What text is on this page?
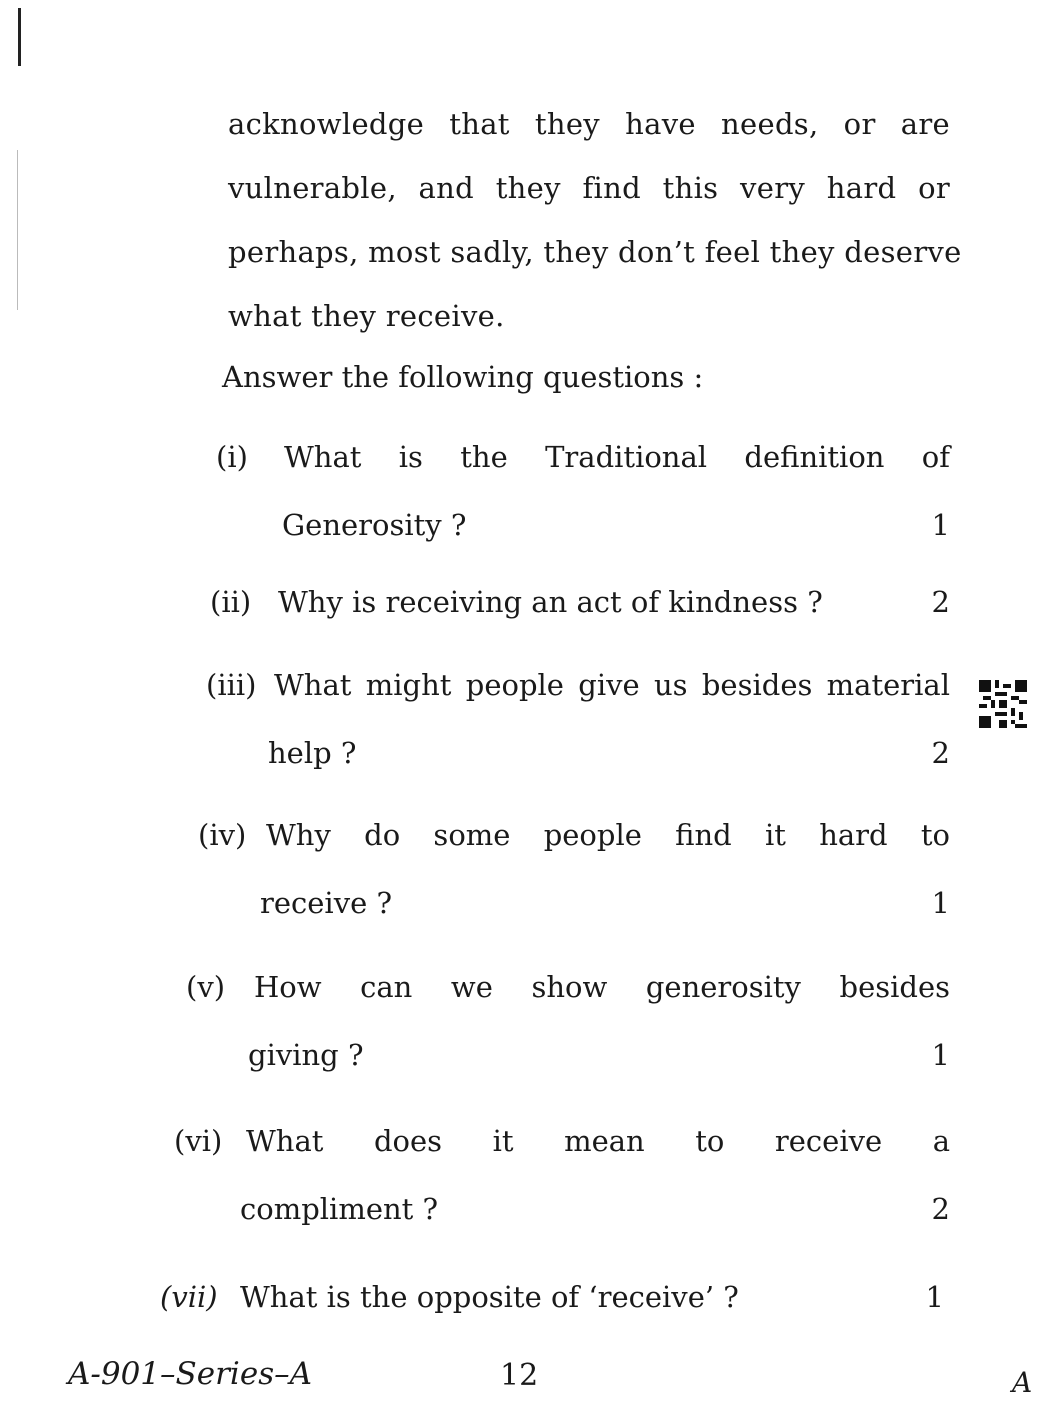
acknowledge that they have needs, or are
vulnerable, and they find this very hard or
perhaps, most sadly, they don’t feel they deserve
what they receive.
Answer the following questions :
(i)	What is the Traditional definition of
Generosity ?	1
(ii) Why is receiving an act of kindness ?	2
(iii) What might people give us besides material
help ?	2
(iv) Why do some people find it hard to
receive ?	1
(v) How can we show generosity besides
giving ?	1
(vi) What does it mean to receive a
compliment ?	2
(vii) What is the opposite of ‘receive’ ?	1
A-901–Series–A	12	A
